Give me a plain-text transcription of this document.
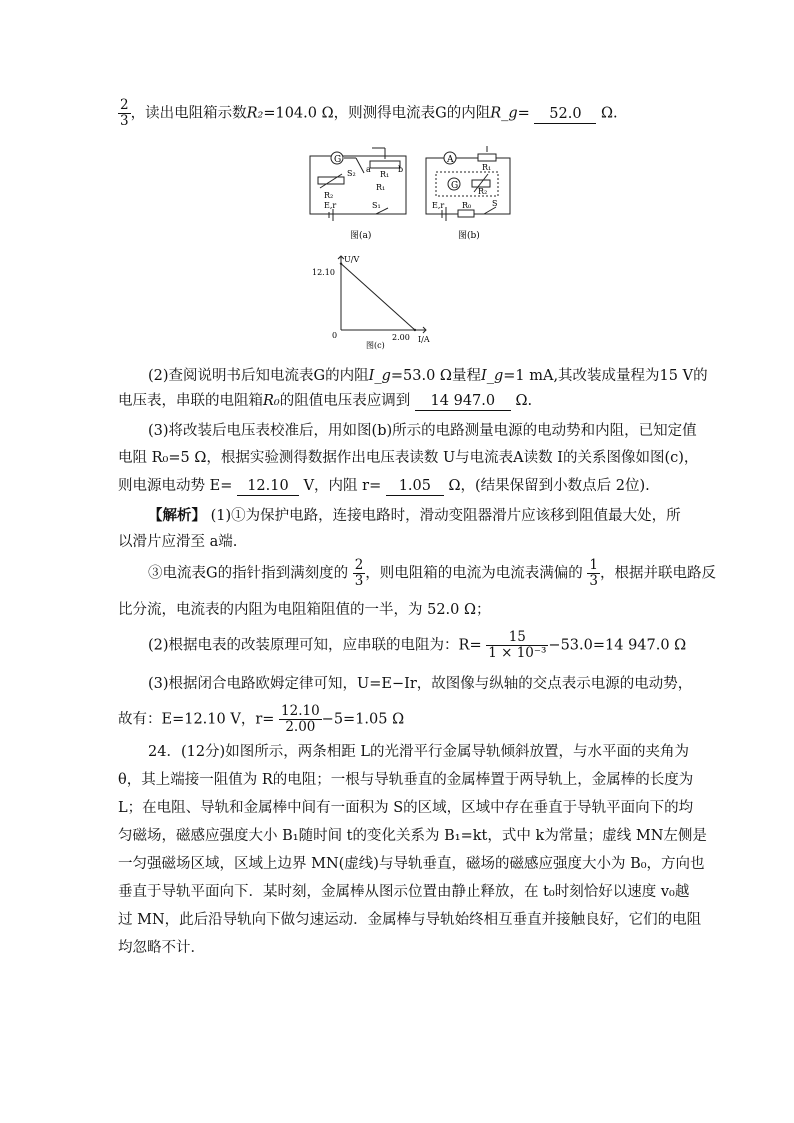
$\frac{2}{3}$ ，读出电阻箱示数R₂=104.0 Ω，则测得电流表G的内阻R_g= 52.0 Ω.
G
S₂
R₂
a
R₁
b
R₁
E,r	S₁
图(a)
A
R₁
G
R₂
E,r R₀	S
图(b)
U/V
I/A
0
12.10
2.00
图(c)
(2)查阅说明书后知电流表G的内阻I_g=53.0 Ω量程I_g=1 mA,其改装成量程为15 V的
电压表，串联的电阻箱R₀的阻值电压表应调到 14 947.0 Ω.
(3)将改装后电压表校准后，用如图(b)所示的电路测量电源的电动势和内阻，已知定值
电阻 R₀=5 Ω，根据实验测得数据作出电压表读数 U与电流表A读数 I的关系图像如图(c)，
则电源电动势 E= 12.10 V，内阻 r= 1.05 Ω，(结果保留到小数点后 2位).
【解析】 (1)①为保护电路，连接电路时，滑动变阻器滑片应该移到阻值最大处，所
以滑片应滑至 a端.
③电流表G的指针指到满刻度的 $\frac{2}{3}$ ，则电阻箱的电流为电流表满偏的 $\frac{1}{3}$ ，根据并联电路反
比分流，电流表的内阻为电阻箱阻值的一半，为 52.0 Ω；
(2)根据电表的改装原理可知，应串联的电阻为：$R= \frac{15}{\text{1 × 10⁻³}} -53.0=14$ 947.0 Ω
(3)根据闭合电路欧姆定律可知，U=E−Ir，故图像与纵轴的交点表示电源的电动势，
故有：E=12.10 V，$r= \frac{12.10}{2.00} -5=1.05$ Ω
24．(12分)如图所示，两条相距 L的光滑平行金属导轨倾斜放置，与水平面的夹角为
θ，其上端接一阻值为 R的电阻；一根与导轨垂直的金属棒置于两导轨上，金属棒的长度为
L；在电阻、导轨和金属棒中间有一面积为 S的区域，区域中存在垂直于导轨平面向下的均
匀磁场，磁感应强度大小 B₁随时间 t的变化关系为 B₁=kt，式中 k为常量；虚线 MN左侧是
一匀强磁场区域，区域上边界 MN(虚线)与导轨垂直，磁场的磁感应强度大小为 B₀，方向也
垂直于导轨平面向下．某时刻，金属棒从图示位置由静止释放，在 t₀时刻恰好以速度 v₀越
过 MN，此后沿导轨向下做匀速运动．金属棒与导轨始终相互垂直并接触良好，它们的电阻
均忽略不计．
